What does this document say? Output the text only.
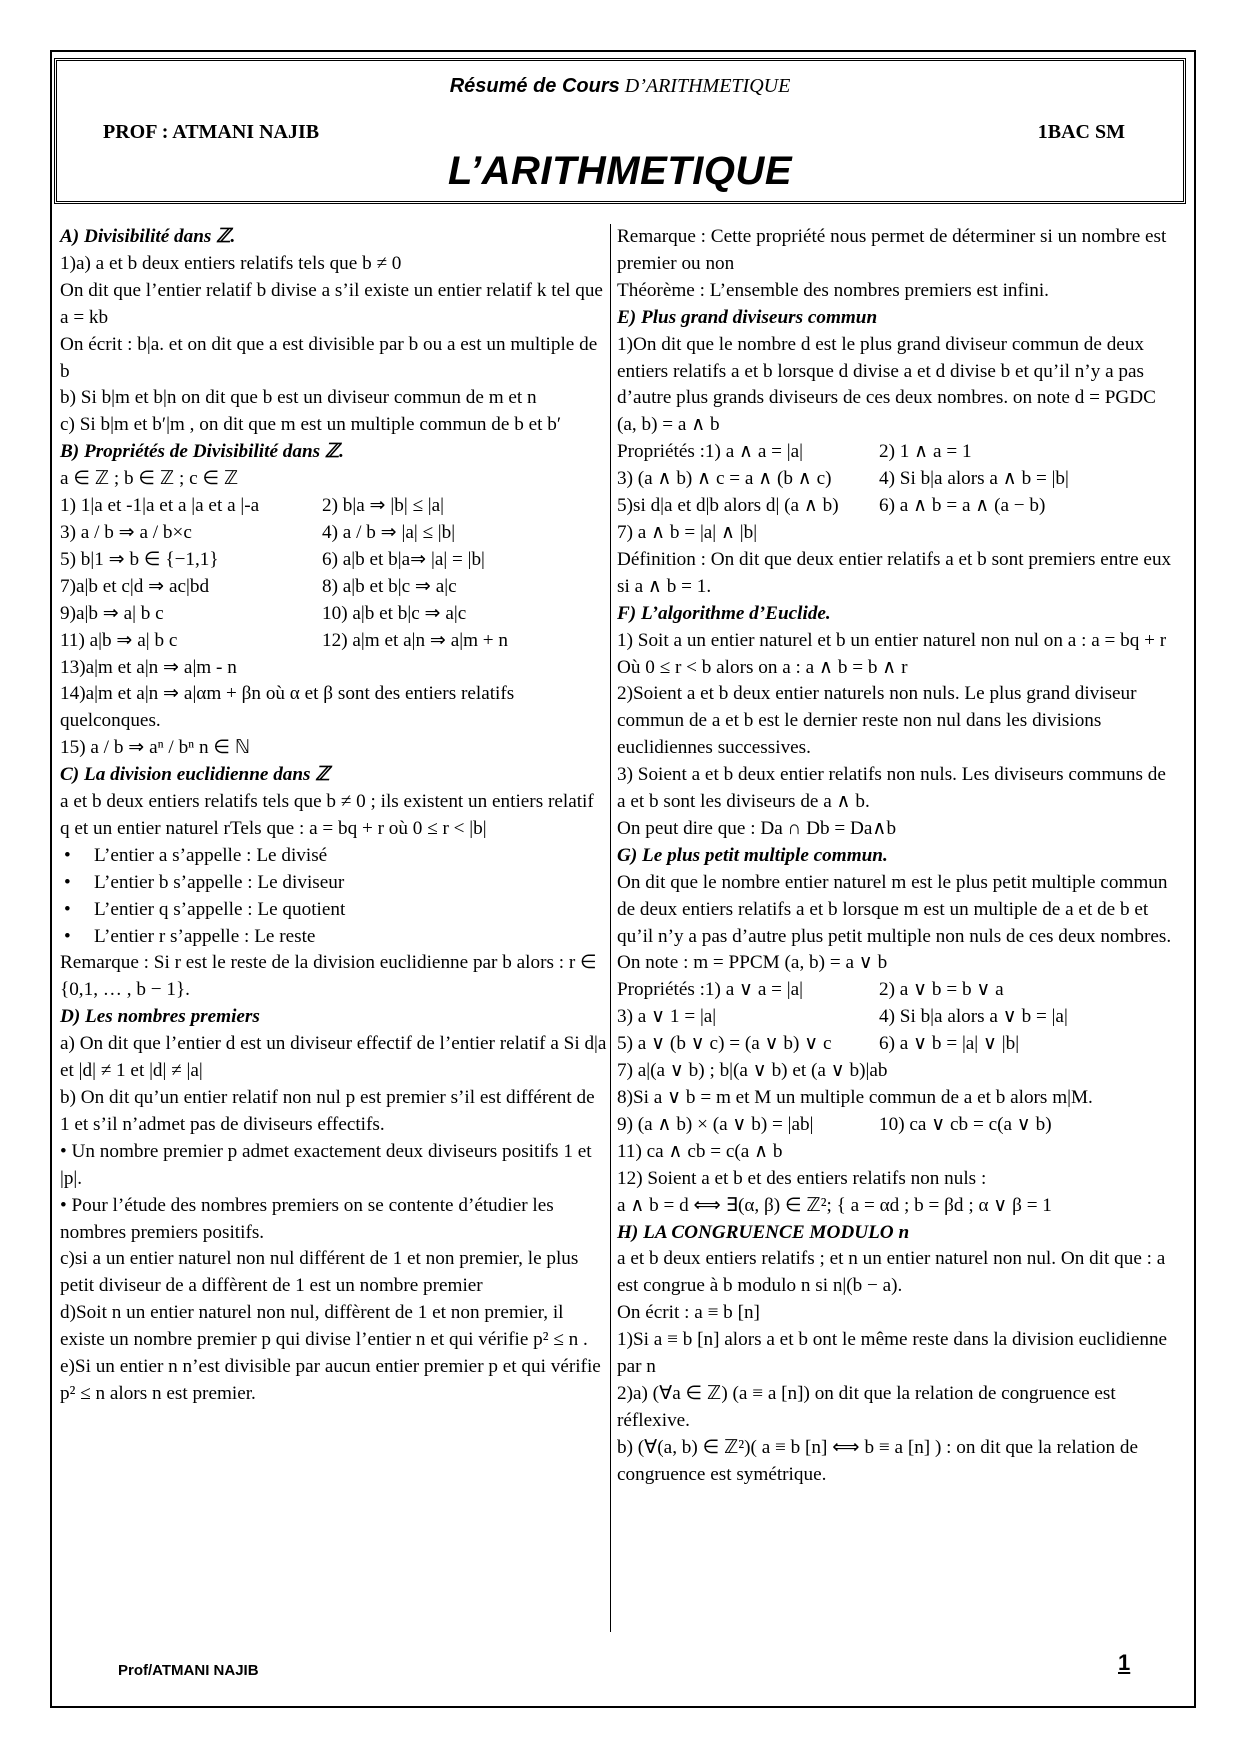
Résumé de Cours D’ARITHMETIQUE
PROF : ATMANI NAJIB	1BAC SM
L’ARITHMETIQUE

A) Divisibilité dans ℤ.

1)a) a et b deux entiers relatifs tels que b ≠ 0

On dit que l’entier relatif b divise a s’il existe un entier relatif k tel que a = kb

On écrit : b|a. et on dit que a est divisible par b ou a est un multiple de b

b) Si b|m et b|n on dit que b est un diviseur commun de m et n

c) Si b|m et b′|m , on dit que m est un multiple commun de b et b′

B) Propriétés de Divisibilité dans ℤ.

a ∈ ℤ ; b ∈ ℤ ; c ∈ ℤ

1) 1|a et -1|a et a |a et a |-a	2) b|a ⇒ |b| ≤ |a|
3) a / b ⇒ a / b×c	4) a / b ⇒ |a| ≤ |b|
5) b|1 ⇒ b ∈ {−1,1}	6) a|b et b|a⇒ |a| = |b|
7)a|b et c|d ⇒ ac|bd	8) a|b et b|c ⇒ a|c
9)a|b ⇒ a| b c	10) a|b et b|c ⇒ a|c
11) a|b ⇒ a| b c	12) a|m et a|n ⇒ a|m + n

13)a|m et a|n ⇒ a|m - n

14)a|m et a|n ⇒ a|αm + βn où α et β sont des entiers relatifs quelconques.

15) a / b ⇒ aⁿ / bⁿ n ∈ ℕ

C) La division euclidienne dans ℤ

a et b deux entiers relatifs tels que b ≠ 0 ; ils existent un entiers relatif q et un entier naturel rTels que : a = bq + r où 0 ≤ r < |b|

• L’entier a s’appelle : Le divisé
• L’entier b s’appelle : Le diviseur
• L’entier q s’appelle : Le quotient
• L’entier r s’appelle : Le reste

Remarque : Si r est le reste de la division euclidienne par b alors : r ∈ {0,1, … , b − 1}.

D) Les nombres premiers

a) On dit que l’entier d est un diviseur effectif de l’entier relatif a Si d|a et |d| ≠ 1 et |d| ≠ |a|

b) On dit qu’un entier relatif non nul p est premier s’il est différent de 1 et s’il n’admet pas de diviseurs effectifs.

• Un nombre premier p admet exactement deux diviseurs positifs 1 et |p|.

• Pour l’étude des nombres premiers on se contente d’étudier les nombres premiers positifs.

c)si a un entier naturel non nul différent de 1 et non premier, le plus petit diviseur de a diffèrent de 1 est un nombre premier

d)Soit n un entier naturel non nul, diffèrent de 1 et non premier, il existe un nombre premier p qui divise l’entier n et qui vérifie p² ≤ n .

e)Si un entier n n’est divisible par aucun entier premier p et qui vérifie p² ≤ n alors n est premier.

Remarque : Cette propriété nous permet de déterminer si un nombre est premier ou non

Théorème : L’ensemble des nombres premiers est infini.

E) Plus grand diviseurs commun

1)On dit que le nombre d est le plus grand diviseur commun de deux entiers relatifs a et b lorsque d divise a et d divise b et qu’il n’y a pas d’autre plus grands diviseurs de ces deux nombres. on note d = PGDC (a, b) = a ∧ b

Propriétés :1) a ∧ a = |a|	2) 1 ∧ a = 1
3) (a ∧ b) ∧ c = a ∧ (b ∧ c)	4) Si b|a alors a ∧ b = |b|
5)si d|a et d|b alors d| (a ∧ b)	6) a ∧ b = a ∧ (a − b)

7) a ∧ b = |a| ∧ |b|

Définition : On dit que deux entier relatifs a et b sont premiers entre eux si a ∧ b = 1.

F) L’algorithme d’Euclide.

1) Soit a un entier naturel et b un entier naturel non nul on a : a = bq + r Où 0 ≤ r < b alors on a : a ∧ b = b ∧ r

2)Soient a et b deux entier naturels non nuls. Le plus grand diviseur commun de a et b est le dernier reste non nul dans les divisions euclidiennes successives.

3) Soient a et b deux entier relatifs non nuls. Les diviseurs communs de a et b sont les diviseurs de a ∧ b.

On peut dire que : Da ∩ Db = Da∧b

G) Le plus petit multiple commun.

On dit que le nombre entier naturel m est le plus petit multiple commun de deux entiers relatifs a et b lorsque m est un multiple de a et de b et qu’il n’y a pas d’autre plus petit multiple non nuls de ces deux nombres. On note : m = PPCM (a, b) = a ∨ b

Propriétés :1) a ∨ a = |a|	2) a ∨ b = b ∨ a
3) a ∨ 1 = |a|	4) Si b|a alors a ∨ b = |a|
5) a ∨ (b ∨ c) = (a ∨ b) ∨ c	6) a ∨ b = |a| ∨ |b|

7) a|(a ∨ b) ; b|(a ∨ b) et (a ∨ b)|ab

8)Si a ∨ b = m et M un multiple commun de a et b alors m|M.

9) (a ∧ b) × (a ∨ b) = |ab|	10) ca ∨ cb = c(a ∨ b)

11) ca ∧ cb = c(a ∧ b

12) Soient a et b et des entiers relatifs non nuls :

a ∧ b = d ⟺ ∃(α, β) ∈ ℤ²; { a = αd ; b = βd ; α ∨ β = 1

H) LA CONGRUENCE MODULO n

a et b deux entiers relatifs ; et n un entier naturel non nul. On dit que : a est congrue à b modulo n si n|(b − a).

On écrit : a ≡ b [n]

1)Si a ≡ b [n] alors a et b ont le même reste dans la division euclidienne par n

2)a) (∀a ∈ ℤ) (a ≡ a [n]) on dit que la relation de congruence est réflexive.

b) (∀(a, b) ∈ ℤ²)( a ≡ b [n] ⟺ b ≡ a [n] ) : on dit que la relation de congruence est symétrique.

Prof/ATMANI NAJIB	1
